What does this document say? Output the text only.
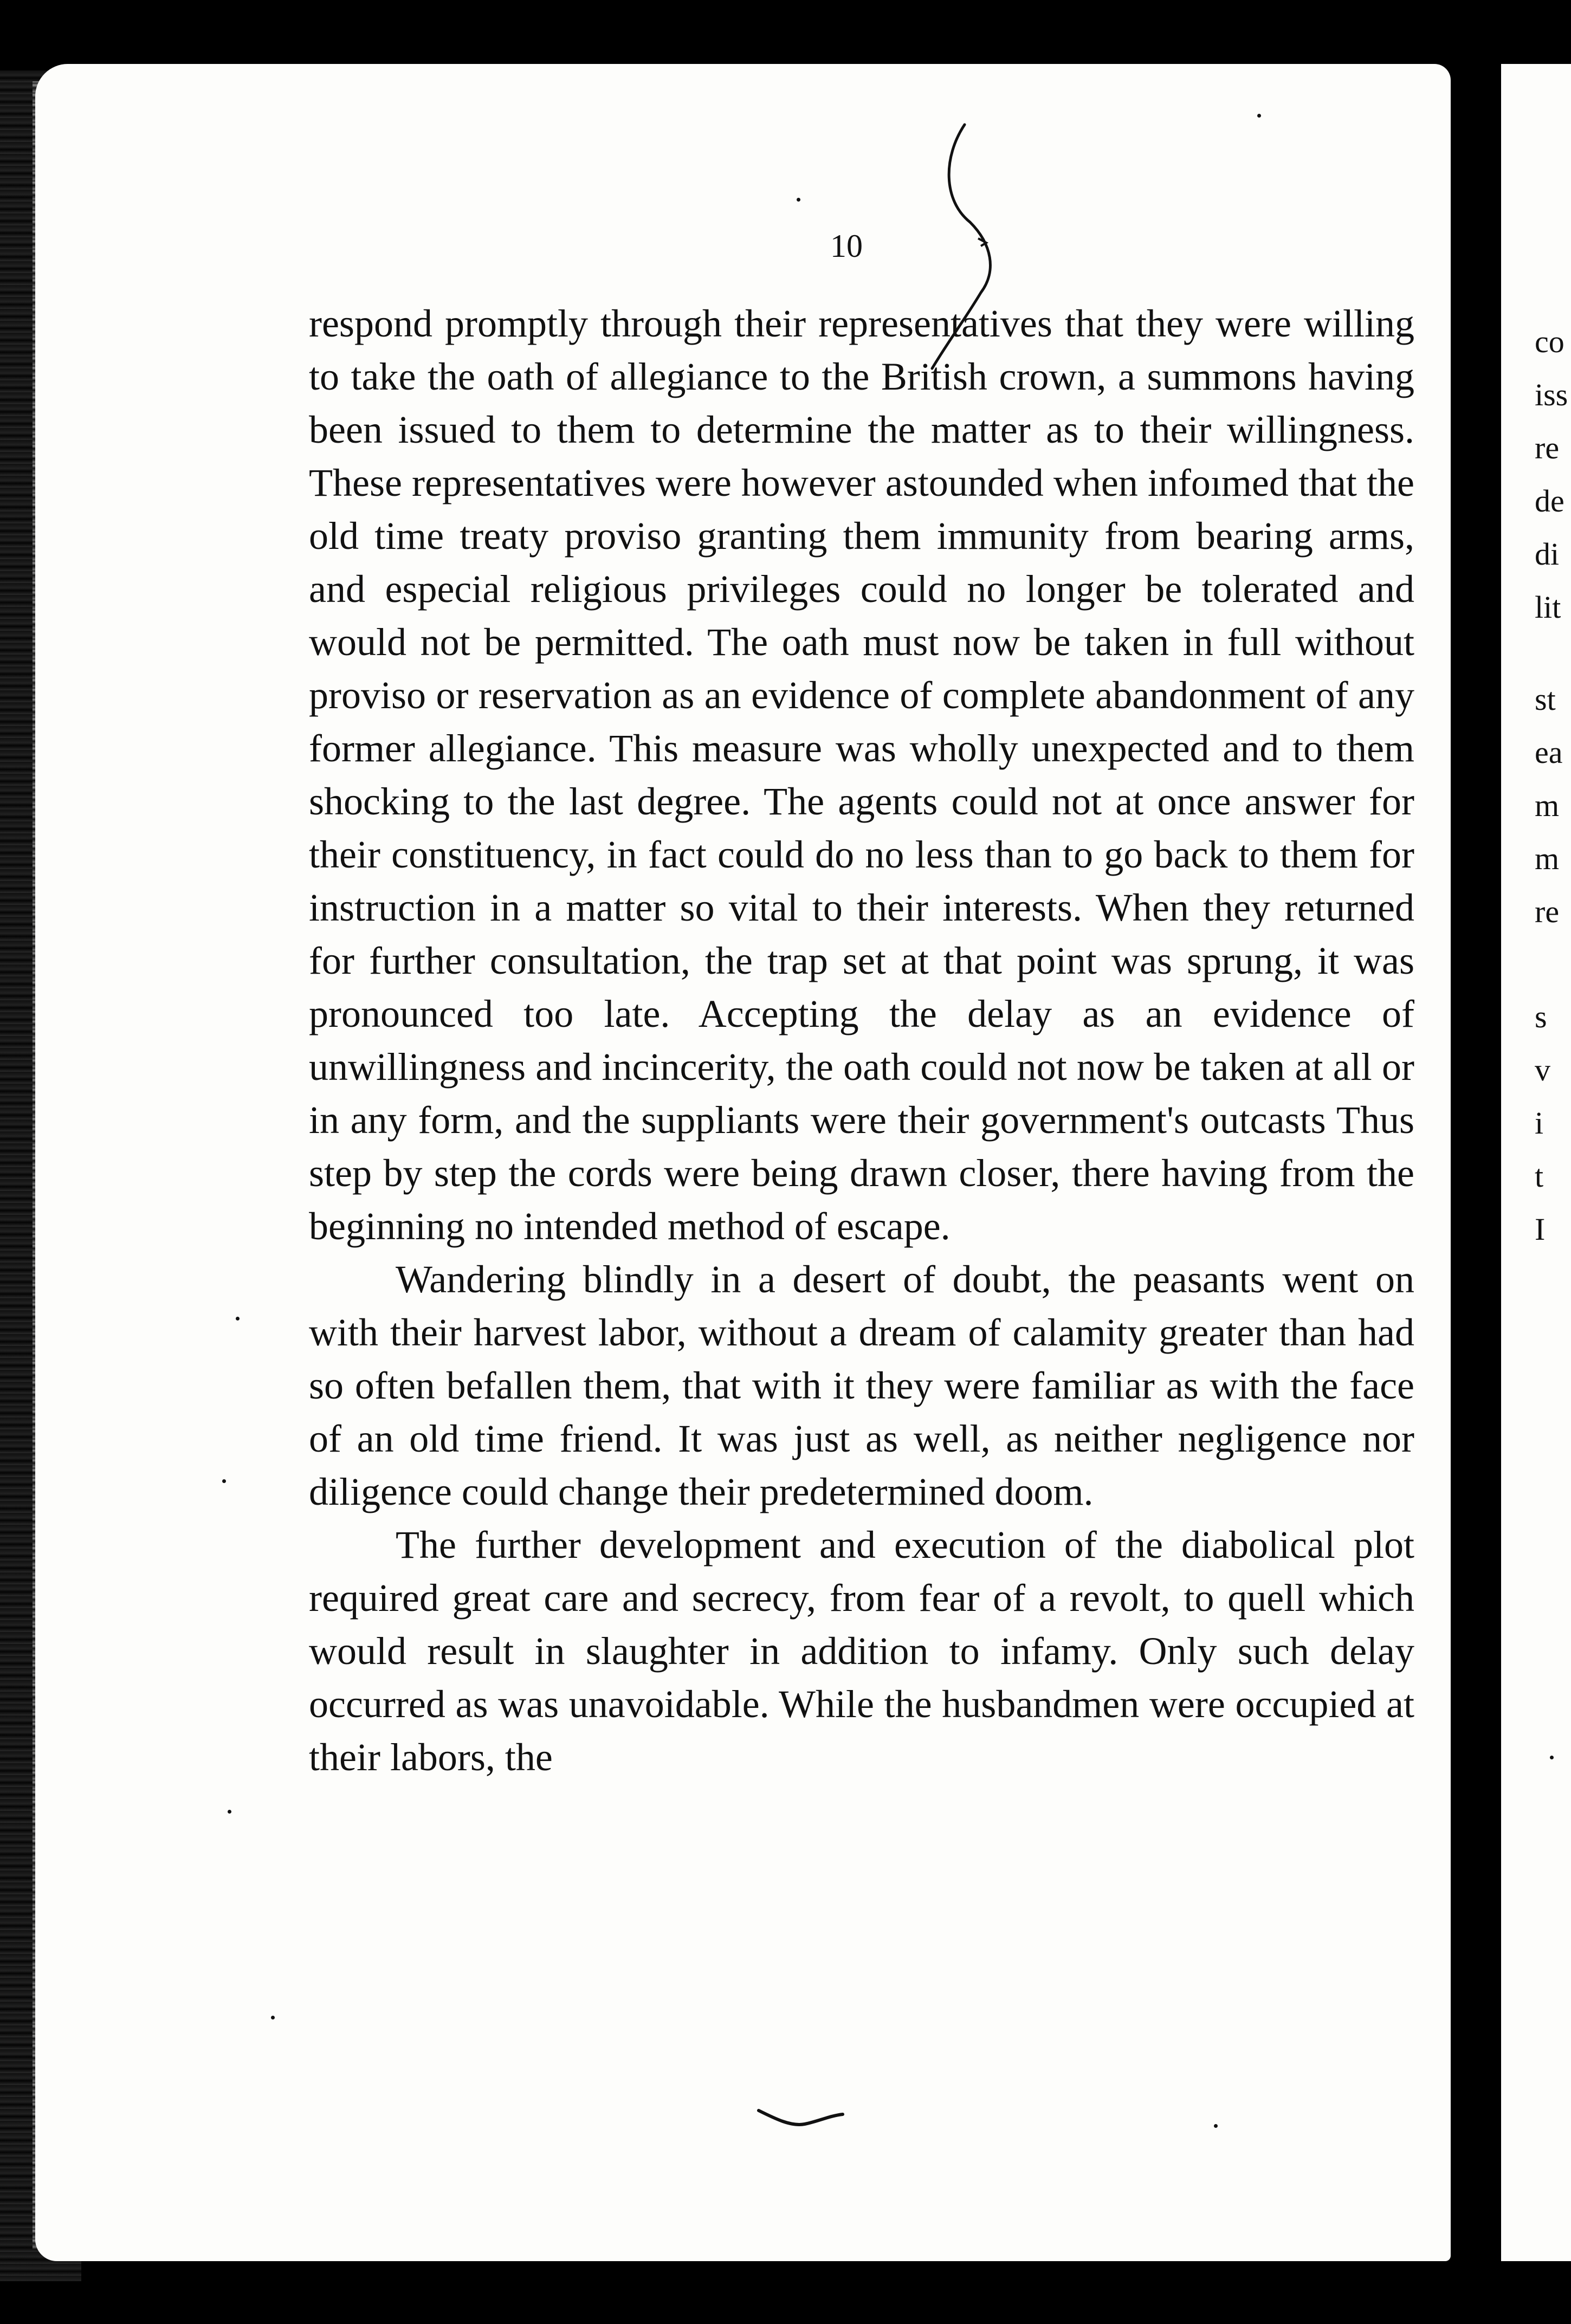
co
iss
re
de
di
lit
st
ea
m
m
re
s
v
i
t
I
10

respond promptly through their representatives that they were willing to take the oath of allegiance to the British crown, a summons having been issued to them to determine the matter as to their willingness. These representatives were however astounded when infoımed that the old time treaty proviso granting them immunity from bearing arms, and especial religious privileges could no longer be tolerated and would not be permitted. The oath must now be taken in full without proviso or reservation as an evidence of complete abandonment of any former allegiance. This measure was wholly unexpected and to them shocking to the last degree. The agents could not at once answer for their constituency, in fact could do no less than to go back to them for instruction in a matter so vital to their interests. When they returned for further consultation, the trap set at that point was sprung, it was pronounced too late. Accepting the delay as an evidence of unwillingness and incincerity, the oath could not now be taken at all or in any form, and the suppliants were their government's outcasts Thus step by step the cords were being drawn closer, there having from the beginning no intended method of escape.

Wandering blindly in a desert of doubt, the peasants went on with their harvest labor, without a dream of calamity greater than had so often befallen them, that with it they were familiar as with the face of an old time friend. It was just as well, as neither negligence nor diligence could change their predetermined doom.

The further development and execution of the diabolical plot required great care and secrecy, from fear of a revolt, to quell which would result in slaughter in addition to infamy. Only such delay occurred as was unavoidable. While the husbandmen were occupied at their labors, the
